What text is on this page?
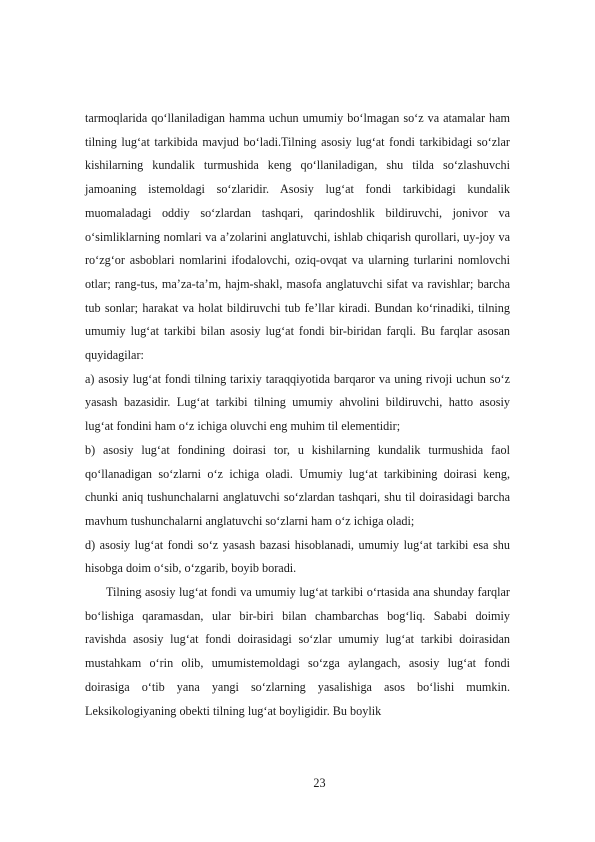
tarmoqlarida qo‘llaniladigan hamma uchun umumiy bo‘lmagan so‘z va atamalar ham tilning lug‘at tarkibida mavjud bo‘ladi.Tilning asosiy lug‘at fondi tarkibidagi so‘zlar kishilarning kundalik turmushida keng qo‘llaniladigan, shu tilda so‘zlashuvchi jamoaning istemoldagi so‘zlaridir. Asosiy lug‘at fondi tarkibidagi kundalik muomaladagi oddiy so‘zlardan tashqari, qarindoshlik bildiruvchi, jonivor va o‘simliklarning nomlari va a’zolarini anglatuvchi, ishlab chiqarish qurollari, uy-joy va ro‘zg‘or asboblari nomlarini ifodalovchi, oziq-ovqat va ularning turlarini nomlovchi otlar; rang-tus, ma’za-ta’m, hajm-shakl, masofa anglatuvchi sifat va ravishlar; barcha tub sonlar; harakat va holat bildiruvchi tub fe’llar kiradi. Bundan ko‘rinadiki, tilning umumiy lug‘at tarkibi bilan asosiy lug‘at fondi bir-biridan farqli. Bu farqlar asosan quyidagilar:

a) asosiy lug‘at fondi tilning tarixiy taraqqiyotida barqaror va uning rivoji uchun so‘z yasash bazasidir. Lug‘at tarkibi tilning umumiy ahvolini bildiruvchi, hatto asosiy lug‘at fondini ham o‘z ichiga oluvchi eng muhim til elementidir;

b) asosiy lug‘at fondining doirasi tor, u kishilarning kundalik turmushida faol qo‘llanadigan so‘zlarni o‘z ichiga oladi. Umumiy lug‘at tarkibining doirasi keng, chunki aniq tushunchalarni anglatuvchi so‘zlardan tashqari, shu til doirasidagi barcha mavhum tushunchalarni anglatuvchi so‘zlarni ham o‘z ichiga oladi;

d) asosiy lug‘at fondi so‘z yasash bazasi hisoblanadi, umumiy lug‘at tarkibi esa shu hisobga doim o‘sib, o‘zgarib, boyib boradi.

Tilning asosiy lug‘at fondi va umumiy lug‘at tarkibi o‘rtasida ana shunday farqlar bo‘lishiga qaramasdan, ular bir-biri bilan chambarchas bog‘liq. Sababi doimiy ravishda asosiy lug‘at fondi doirasidagi so‘zlar umumiy lug‘at tarkibi doirasidan mustahkam o‘rin olib, umumistemoldagi so‘zga aylangach, asosiy lug‘at fondi doirasiga o‘tib yana yangi so‘zlarning yasalishiga asos bo‘lishi mumkin. Leksikologiyaning obekti tilning lug‘at boyligidir. Bu boylik

23
